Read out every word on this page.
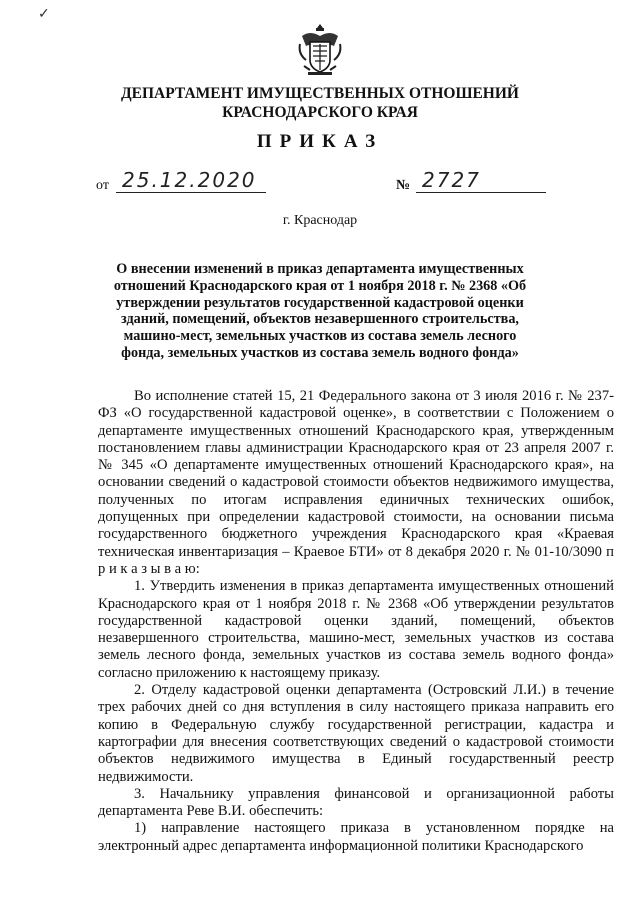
✓
ДЕПАРТАМЕНТ ИМУЩЕСТВЕННЫХ ОТНОШЕНИЙ
КРАСНОДАРСКОГО КРАЯ
ПРИКАЗ
от 25.12.2020	№ 2727
г. Краснодар
О внесении изменений в приказ департамента имущественных отношений Краснодарского края от 1 ноября 2018 г. № 2368 «Об утверждении результатов государственной кадастровой оценки зданий, помещений, объектов незавершенного строительства, машино-мест, земельных участков из состава земель лесного фонда, земельных участков из состава земель водного фонда»

Во исполнение статей 15, 21 Федерального закона от 3 июля 2016 г. № 237-ФЗ «О государственной кадастровой оценке», в соответствии с Положением о департаменте имущественных отношений Краснодарского края, утвержденным постановлением главы администрации Краснодарского края от 23 апреля 2007 г. № 345 «О департаменте имущественных отношений Краснодарского края», на основании сведений о кадастровой стоимости объектов недвижимого имущества, полученных по итогам исправления единичных технических ошибок, допущенных при определении кадастровой стоимости, на основании письма государственного бюджетного учреждения Краснодарского края «Краевая техническая инвентаризация – Краевое БТИ» от 8 декабря 2020 г. № 01-10/3090 п р и к а з ы в а ю:

1. Утвердить изменения в приказ департамента имущественных отношений Краснодарского края от 1 ноября 2018 г. № 2368 «Об утверждении результатов государственной кадастровой оценки зданий, помещений, объектов незавершенного строительства, машино-мест, земельных участков из состава земель лесного фонда, земельных участков из состава земель водного фонда» согласно приложению к настоящему приказу.

2. Отделу кадастровой оценки департамента (Островский Л.И.) в течение трех рабочих дней со дня вступления в силу настоящего приказа направить его копию в Федеральную службу государственной регистрации, кадастра и картографии для внесения соответствующих сведений о кадастровой стоимости объектов недвижимого имущества в Единый государственный реестр недвижимости.

3. Начальнику управления финансовой и организационной работы департамента Реве В.И. обеспечить:

1) направление настоящего приказа в установленном порядке на электронный адрес департамента информационной политики Краснодарского
